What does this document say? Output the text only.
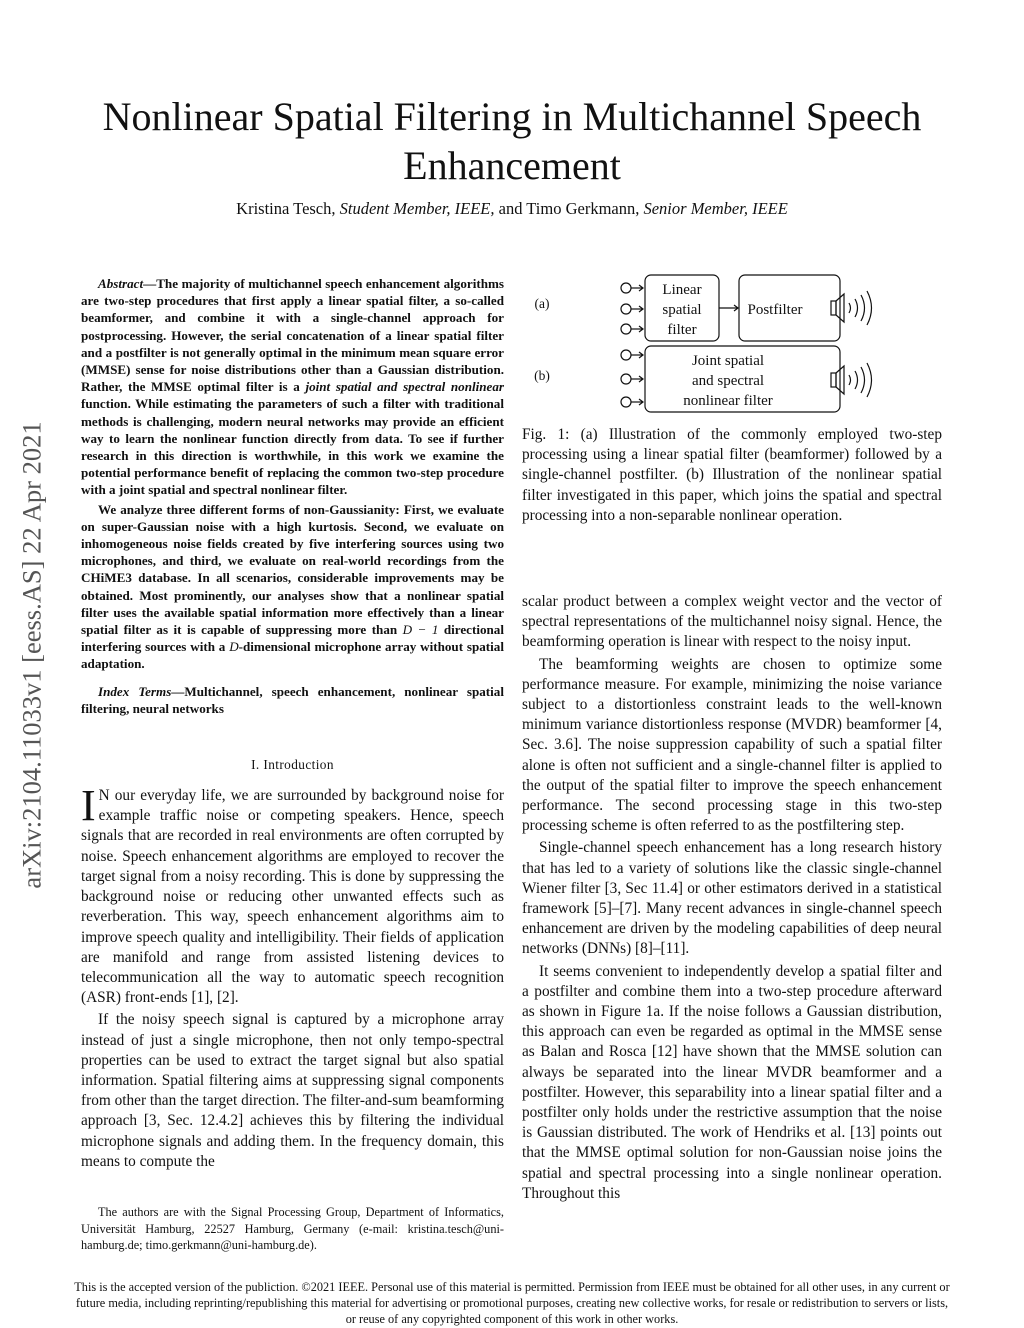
Nonlinear Spatial Filtering in Multichannel Speech Enhancement
Kristina Tesch, Student Member, IEEE, and Timo Gerkmann, Senior Member, IEEE
arXiv:2104.11033v1 [eess.AS] 22 Apr 2021

Abstract—The majority of multichannel speech enhancement algorithms are two-step procedures that first apply a linear spatial filter, a so-called beamformer, and combine it with a single-channel approach for postprocessing. However, the serial concatenation of a linear spatial filter and a postfilter is not generally optimal in the minimum mean square error (MMSE) sense for noise distributions other than a Gaussian distribution. Rather, the MMSE optimal filter is a joint spatial and spectral nonlinear function. While estimating the parameters of such a filter with traditional methods is challenging, modern neural networks may provide an efficient way to learn the nonlinear function directly from data. To see if further research in this direction is worthwhile, in this work we examine the potential performance benefit of replacing the common two-step procedure with a joint spatial and spectral nonlinear filter.

We analyze three different forms of non-Gaussianity: First, we evaluate on super-Gaussian noise with a high kurtosis. Second, we evaluate on inhomogeneous noise fields created by five interfering sources using two microphones, and third, we evaluate on real-world recordings from the CHiME3 database. In all scenarios, considerable improvements may be obtained. Most prominently, our analyses show that a nonlinear spatial filter uses the available spatial information more effectively than a linear spatial filter as it is capable of suppressing more than D − 1 directional interfering sources with a D-dimensional microphone array without spatial adaptation.

Index Terms—Multichannel, speech enhancement, nonlinear spatial filtering, neural networks

I. Introduction

I N our everyday life, we are surrounded by background noise for example traffic noise or competing speakers. Hence, speech signals that are recorded in real environments are often corrupted by noise. Speech enhancement algorithms are employed to recover the target signal from a noisy recording. This is done by suppressing the background noise or reducing other unwanted effects such as reverberation. This way, speech enhancement algorithms aim to improve speech quality and intelligibility. Their fields of application are manifold and range from assisted listening devices to telecommunication all the way to automatic speech recognition (ASR) front-ends [1], [2].

If the noisy speech signal is captured by a microphone array instead of just a single microphone, then not only tempo-spectral properties can be used to extract the target signal but also spatial information. Spatial filtering aims at suppressing signal components from other than the target direction. The filter-and-sum beamforming approach [3, Sec. 12.4.2] achieves this by filtering the individual microphone signals and adding them. In the frequency domain, this means to compute the

The authors are with the Signal Processing Group, Department of Informatics, Universität Hamburg, 22527 Hamburg, Germany (e-mail: kristina.tesch@uni-hamburg.de; timo.gerkmann@uni-hamburg.de).

(a)
(b)
Linear
spatial
filter
Postfilter
Joint spatial
and spectral
nonlinear filter
Fig. 1: (a) Illustration of the commonly employed two-step processing using a linear spatial filter (beamformer) followed by a single-channel postfilter. (b) Illustration of the nonlinear spatial filter investigated in this paper, which joins the spatial and spectral processing into a non-separable nonlinear operation.

scalar product between a complex weight vector and the vector of spectral representations of the multichannel noisy signal. Hence, the beamforming operation is linear with respect to the noisy input.

The beamforming weights are chosen to optimize some performance measure. For example, minimizing the noise variance subject to a distortionless constraint leads to the well-known minimum variance distortionless response (MVDR) beamformer [4, Sec. 3.6]. The noise suppression capability of such a spatial filter alone is often not sufficient and a single-channel filter is applied to the output of the spatial filter to improve the speech enhancement performance. The second processing stage in this two-step processing scheme is often referred to as the postfiltering step.

Single-channel speech enhancement has a long research history that has led to a variety of solutions like the classic single-channel Wiener filter [3, Sec 11.4] or other estimators derived in a statistical framework [5]–[7]. Many recent advances in single-channel speech enhancement are driven by the modeling capabilities of deep neural networks (DNNs) [8]–[11].

It seems convenient to independently develop a spatial filter and a postfilter and combine them into a two-step procedure afterward as shown in Figure 1a. If the noise follows a Gaussian distribution, this approach can even be regarded as optimal in the MMSE sense as Balan and Rosca [12] have shown that the MMSE solution can always be separated into the linear MVDR beamformer and a postfilter. However, this separability into a linear spatial filter and a postfilter only holds under the restrictive assumption that the noise is Gaussian distributed. The work of Hendriks et al. [13] points out that the MMSE optimal solution for non-Gaussian noise joins the spatial and spectral processing into a single nonlinear operation. Throughout this

This is the accepted version of the publiction. ©2021 IEEE. Personal use of this material is permitted. Permission from IEEE must be obtained for all other uses, in any current or future media, including reprinting/republishing this material for advertising or promotional purposes, creating new collective works, for resale or redistribution to servers or lists, or reuse of any copyrighted component of this work in other works.
